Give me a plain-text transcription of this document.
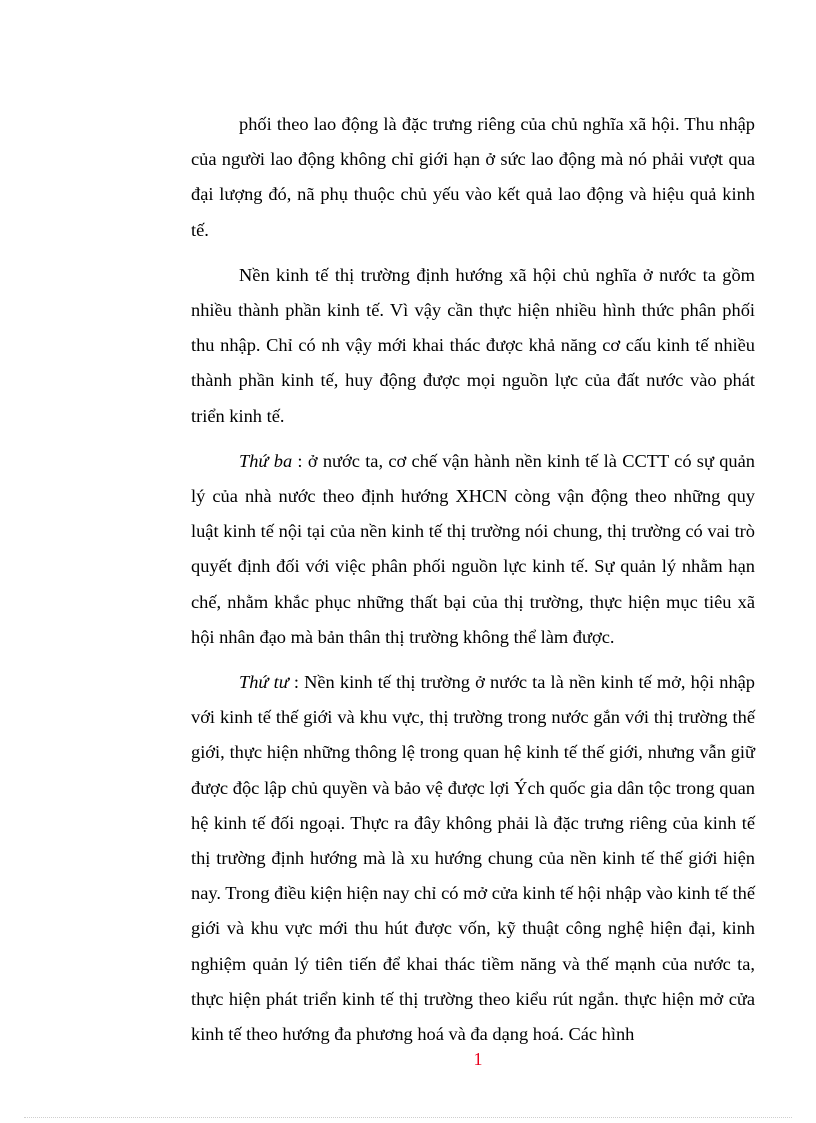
phối theo lao động là đặc trưng riêng của chủ nghĩa xã hội. Thu nhập của người lao động không chỉ giới hạn ở sức lao động mà nó phải vượt qua đại lượng đó, nã phụ thuộc chủ yếu vào kết quả lao động và hiệu quả kinh tế.

Nền kinh tế thị trường định hướng xã hội chủ nghĩa ở nước ta gồm nhiều thành phần kinh tế. Vì vậy cần thực hiện nhiều hình thức phân phối thu nhập. Chỉ có nh vậy mới khai thác được khả năng cơ cấu kinh tế nhiều thành phần kinh tế, huy động được mọi nguồn lực của đất nước vào phát triển kinh tế.

Thứ ba : ở nước ta, cơ chế vận hành nền kinh tế là CCTT có sự quản lý của nhà nước theo định hướng XHCN còng vận động theo những quy luật kinh tế nội tại của nền kinh tế thị trường nói chung, thị trường có vai trò quyết định đối với việc phân phối nguồn lực kinh tế. Sự quản lý nhằm hạn chế, nhằm khắc phục những thất bại của thị trường, thực hiện mục tiêu xã hội nhân đạo mà bản thân thị trường không thể làm được.

Thứ tư : Nền kinh tế thị trường ở nước ta là nền kinh tế mở, hội nhập với kinh tế thế giới và khu vực, thị trường trong nước gắn với thị trường thế giới, thực hiện những thông lệ trong quan hệ kinh tế thế giới, nhưng vẫn giữ được độc lập chủ quyền và bảo vệ được lợi Ých quốc gia dân tộc trong quan hệ kinh tế đối ngoại. Thực ra đây không phải là đặc trưng riêng của kinh tế thị trường định hướng mà là xu hướng chung của nền kinh tế thế giới hiện nay. Trong điều kiện hiện nay chỉ có mở cửa kinh tế hội nhập vào kinh tế thế giới và khu vực mới thu hút được vốn, kỹ thuật công nghệ hiện đại, kinh nghiệm quản lý tiên tiến để khai thác tiềm năng và thế mạnh của nước ta, thực hiện phát triển kinh tế thị trường theo kiểu rút ngắn. thực hiện mở cửa kinh tế theo hướng đa phương hoá và đa dạng hoá. Các hình

1
